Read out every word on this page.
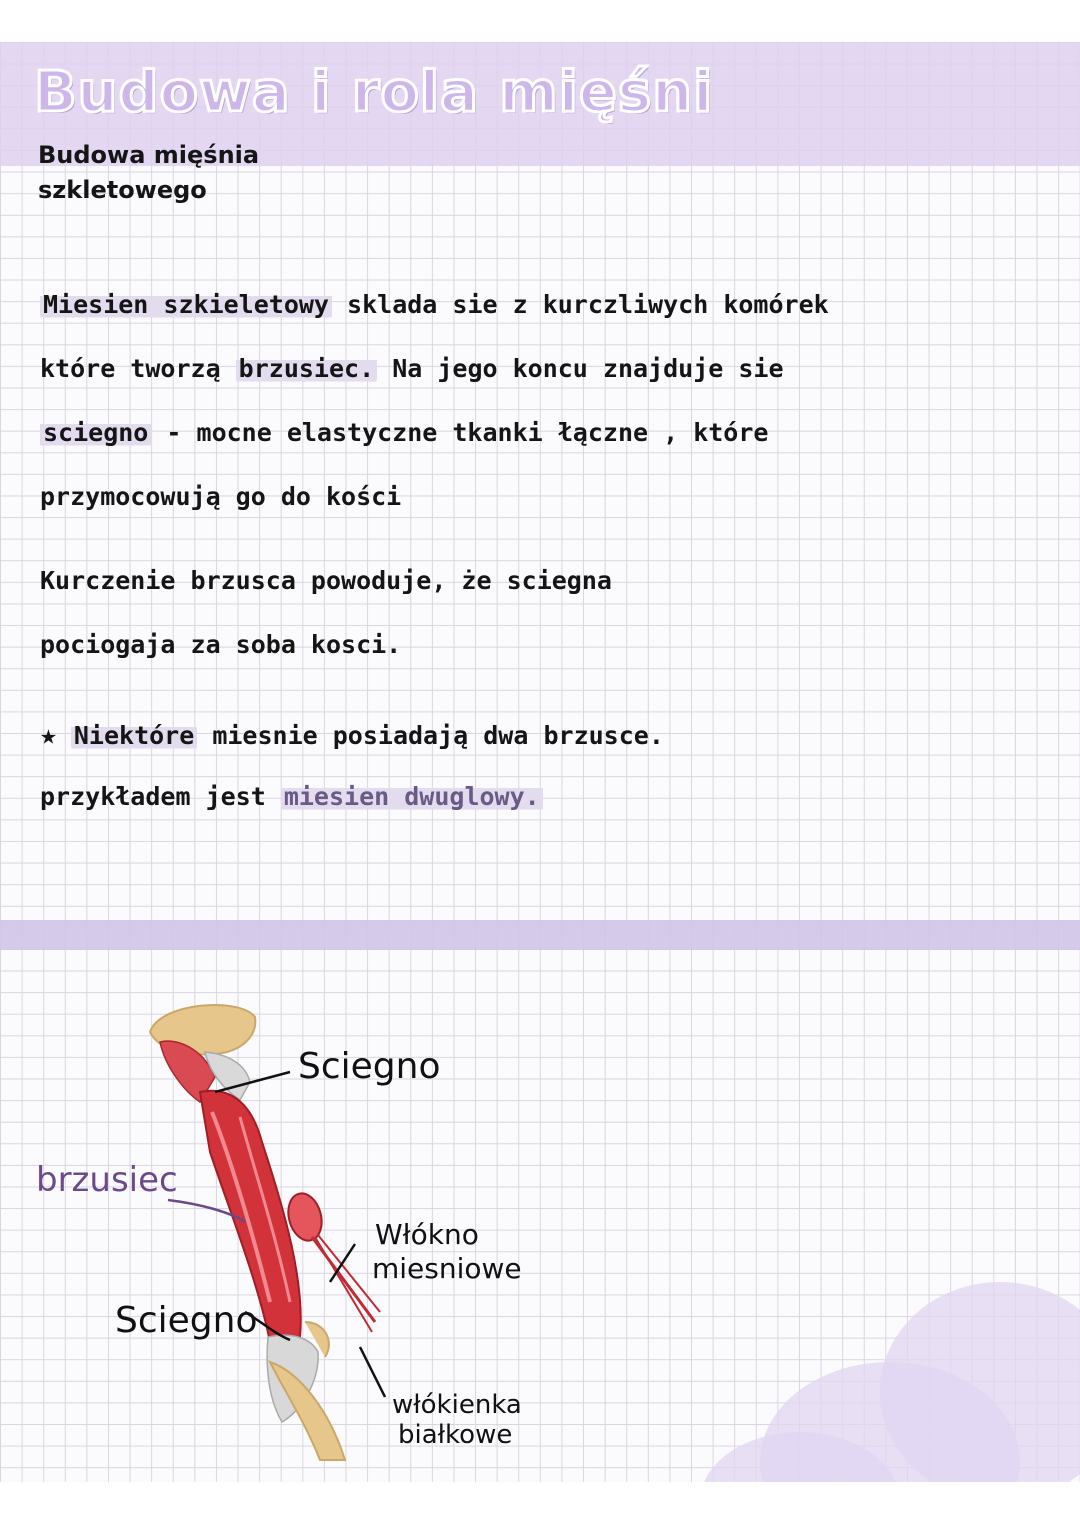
Budowa i rola mięśni

Budowa mięśnia szkletowego

Miesien szkieletowy sklada sie z kurczliwych komórek

które tworzą brzusiec. Na jego koncu znajduje sie

sciegno - mocne elastyczne tkanki łączne , które

przymocowują go do kości

Kurczenie brzusca powoduje, że sciegna

pociogaja za soba kosci.

★ Niektóre miesnie posiadają dwa brzusce.

przykładem jest miesien dwuglowy.

Sciegno

brzusiec

Sciegno

Włókno

miesniowe

włókienka

białkowe
